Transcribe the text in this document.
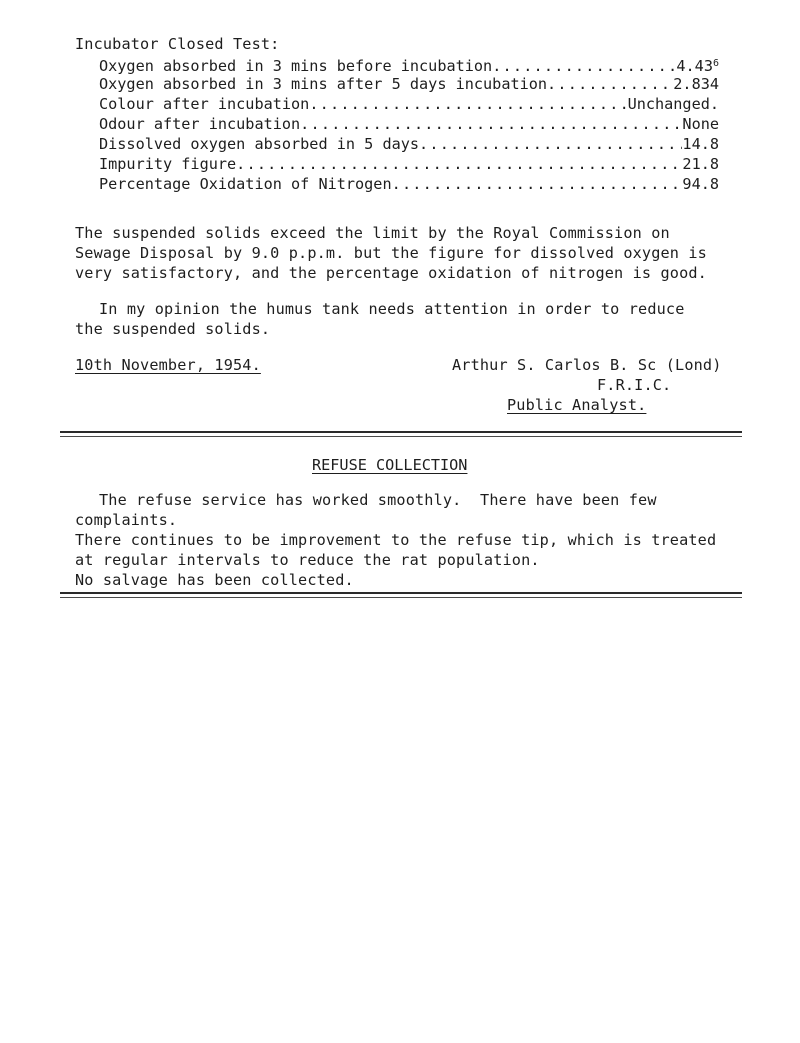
Incubator Closed Test:
Oxygen absorbed in 3 mins before incubation .....	4.43$^6$
Oxygen absorbed in 3 mins after 5 days incubation .....	2.834
Colour after incubation .....	Unchanged.
Odour after incubation .....	None
Dissolved oxygen absorbed in 5 days .....	14.8
Impurity figure .....	21.8
Percentage Oxidation of Nitrogen .....	94.8
The suspended solids exceed the limit by the Royal Commission on
Sewage Disposal by 9.0 p.p.m. but the figure for dissolved oxygen is
very satisfactory, and the percentage oxidation of nitrogen is good.
In my opinion the humus tank needs attention in order to reduce
the suspended solids.
10th November, 1954.	Arthur S. Carlos B. Sc (Lond)
F.R.I.C.
Public Analyst.
REFUSE COLLECTION
The refuse service has worked smoothly.  There have been few
complaints.
There continues to be improvement to the refuse tip, which is treated
at regular intervals to reduce the rat population.
No salvage has been collected.
